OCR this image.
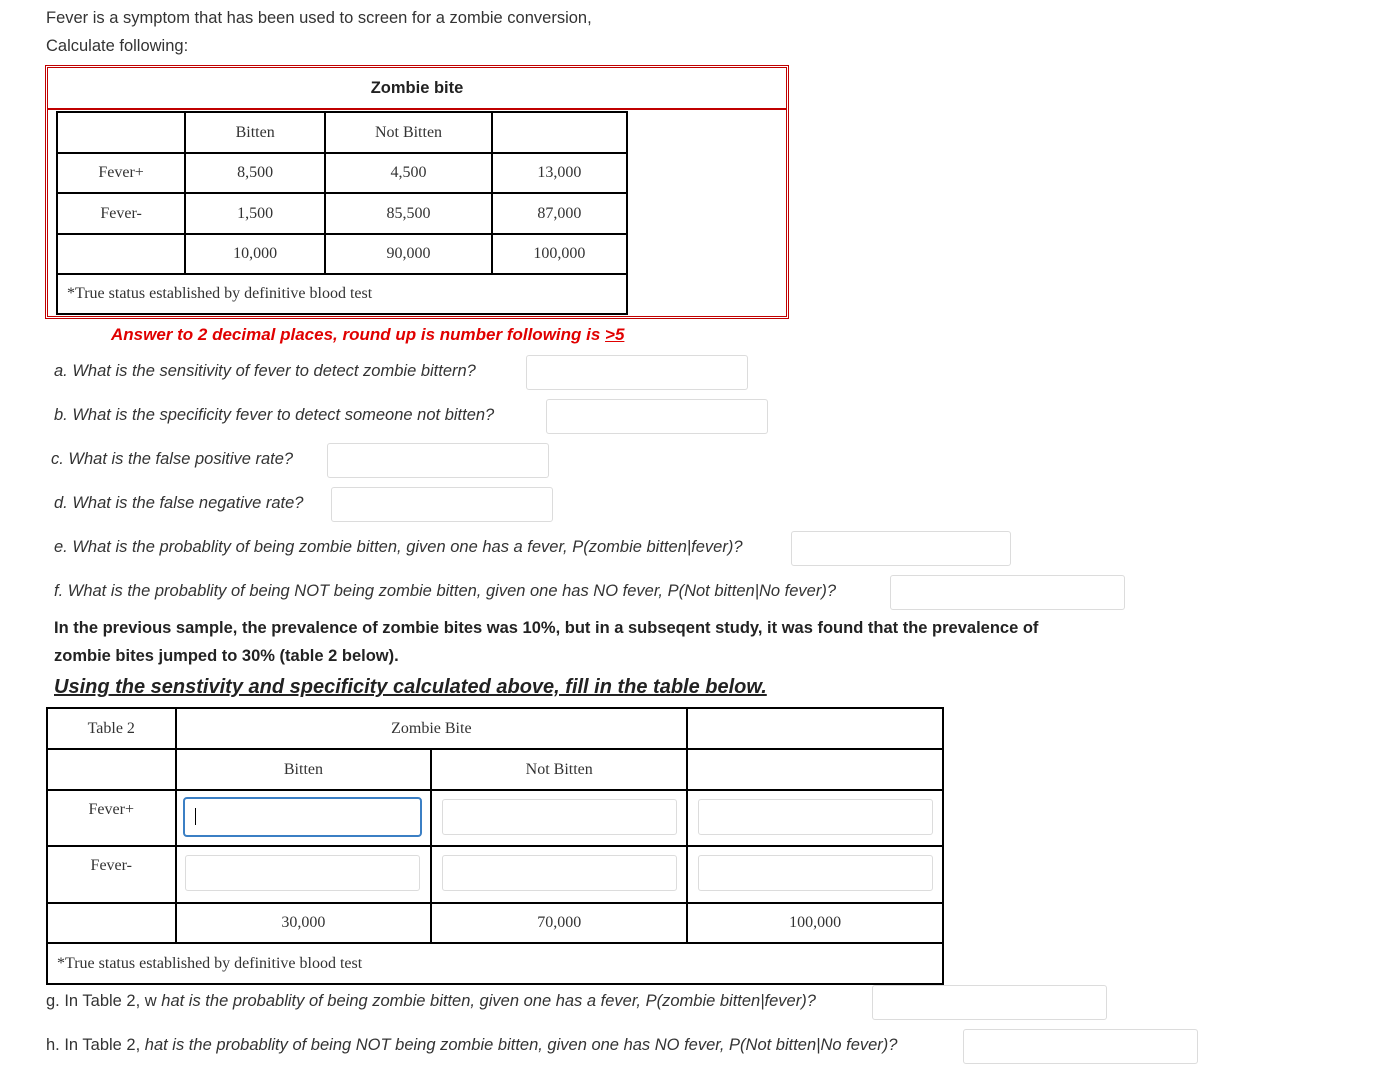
Fever is a symptom that has been used to screen for a zombie conversion,
Calculate following:
Zombie bite
	Bitten	Not Bitten	
Fever+	8,500	4,500	13,000
Fever-	1,500	85,500	87,000
	10,000	90,000	100,000
*True status established by definitive blood test			
Answer to 2 decimal places, round up is number following is >5
a. What is the sensitivity of fever to detect zombie bittern?
b. What is the specificity fever to detect someone not bitten?
c. What is the false positive rate?
d. What is the false negative rate?
e. What is the probablity of being zombie bitten, given one has a fever, P(zombie bitten|fever)?
f. What is the probablity of being NOT being zombie bitten, given one has NO fever, P(Not bitten|No fever)?
In the previous sample, the prevalence of zombie bites was 10%, but in a subseqent study, it was found that the prevalence of
zombie bites jumped to 30% (table 2 below).
Using the senstivity and specificity calculated above, fill in the table below.
Table 2	Zombie Bite		
	Bitten	Not Bitten	
Fever+			
Fever-			
	30,000	70,000	100,000
*True status established by definitive blood test			
g. In Table 2, w hat is the probablity of being zombie bitten, given one has a fever, P(zombie bitten|fever)?
h. In Table 2, hat is the probablity of being NOT being zombie bitten, given one has NO fever, P(Not bitten|No fever)?
